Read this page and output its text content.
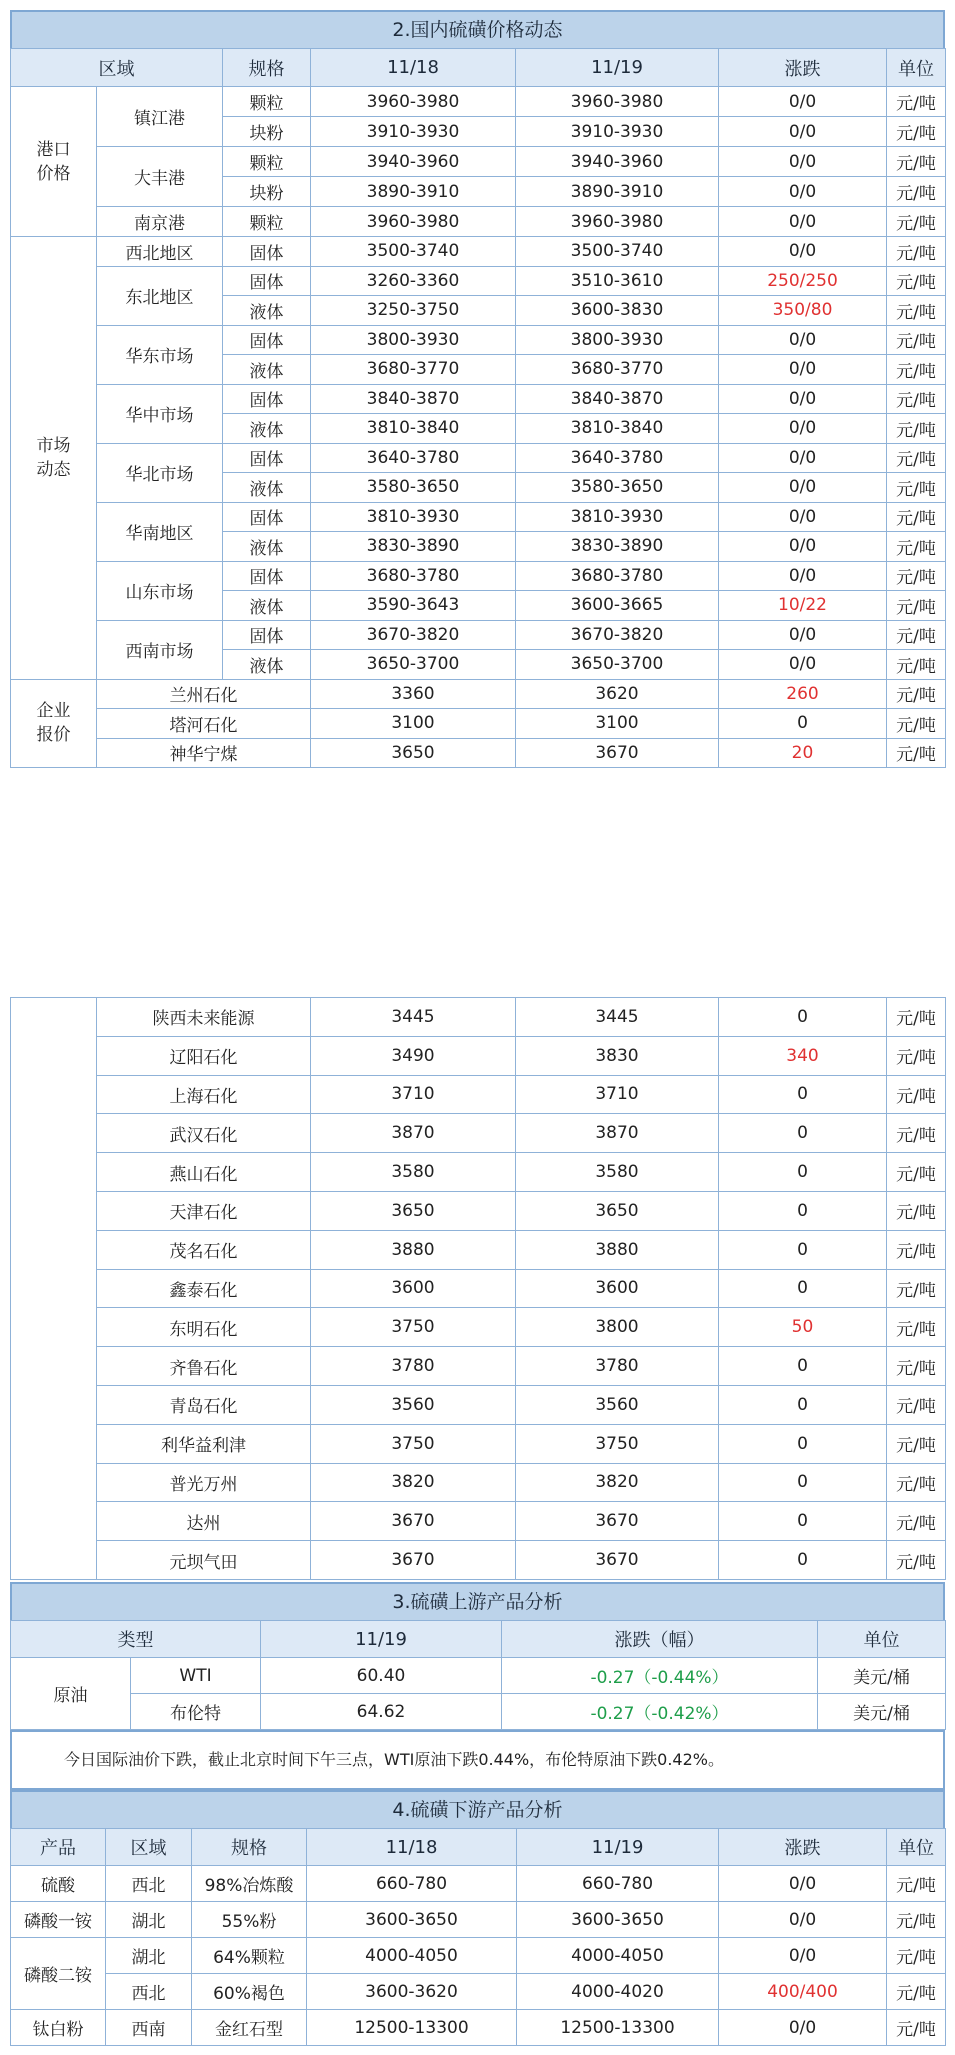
2.国内硫磺价格动态
区域		规格	11/18	11/19	涨跌	单位
港口
价格	镇江港	颗粒	3960-3980	3960-3980	0/0	元/吨
		块粉	3910-3930	3910-3930	0/0	元/吨
	大丰港	颗粒	3940-3960	3940-3960	0/0	元/吨
		块粉	3890-3910	3890-3910	0/0	元/吨
	南京港	颗粒	3960-3980	3960-3980	0/0	元/吨
市场
动态	西北地区	固体	3500-3740	3500-3740	0/0	元/吨
	东北地区	固体	3260-3360	3510-3610	250/250	元/吨
		液体	3250-3750	3600-3830	350/80	元/吨
	华东市场	固体	3800-3930	3800-3930	0/0	元/吨
		液体	3680-3770	3680-3770	0/0	元/吨
	华中市场	固体	3840-3870	3840-3870	0/0	元/吨
		液体	3810-3840	3810-3840	0/0	元/吨
	华北市场	固体	3640-3780	3640-3780	0/0	元/吨
		液体	3580-3650	3580-3650	0/0	元/吨
	华南地区	固体	3810-3930	3810-3930	0/0	元/吨
		液体	3830-3890	3830-3890	0/0	元/吨
	山东市场	固体	3680-3780	3680-3780	0/0	元/吨
		液体	3590-3643	3600-3665	10/22	元/吨
	西南市场	固体	3670-3820	3670-3820	0/0	元/吨
		液体	3650-3700	3650-3700	0/0	元/吨
企业
报价	兰州石化		3360	3620	260	元/吨
	塔河石化		3100	3100	0	元/吨
	神华宁煤		3650	3670	20	元/吨
	陕西未来能源	3445	3445	0	元/吨
	辽阳石化	3490	3830	340	元/吨
	上海石化	3710	3710	0	元/吨
	武汉石化	3870	3870	0	元/吨
	燕山石化	3580	3580	0	元/吨
	天津石化	3650	3650	0	元/吨
	茂名石化	3880	3880	0	元/吨
	鑫泰石化	3600	3600	0	元/吨
	东明石化	3750	3800	50	元/吨
	齐鲁石化	3780	3780	0	元/吨
	青岛石化	3560	3560	0	元/吨
	利华益利津	3750	3750	0	元/吨
	普光万州	3820	3820	0	元/吨
	达州	3670	3670	0	元/吨
	元坝气田	3670	3670	0	元/吨
3.硫磺上游产品分析
类型		11/19	涨跌（幅）	单位
原油	WTI	60.40	-0.27（-0.44%）	美元/桶
	布伦特	64.62	-0.27（-0.42%）	美元/桶
今日国际油价下跌，截止北京时间下午三点，WTI原油下跌0.44%，布伦特原油下跌0.42%。
4.硫磺下游产品分析
产品	区域	规格	11/18	11/19	涨跌	单位
硫酸	西北	98%冶炼酸	660-780	660-780	0/0	元/吨
磷酸一铵	湖北	55%粉	3600-3650	3600-3650	0/0	元/吨
磷酸二铵	湖北	64%颗粒	4000-4050	4000-4050	0/0	元/吨
	西北	60%褐色	3600-3620	4000-4020	400/400	元/吨
钛白粉	西南	金红石型	12500-13300	12500-13300	0/0	元/吨
